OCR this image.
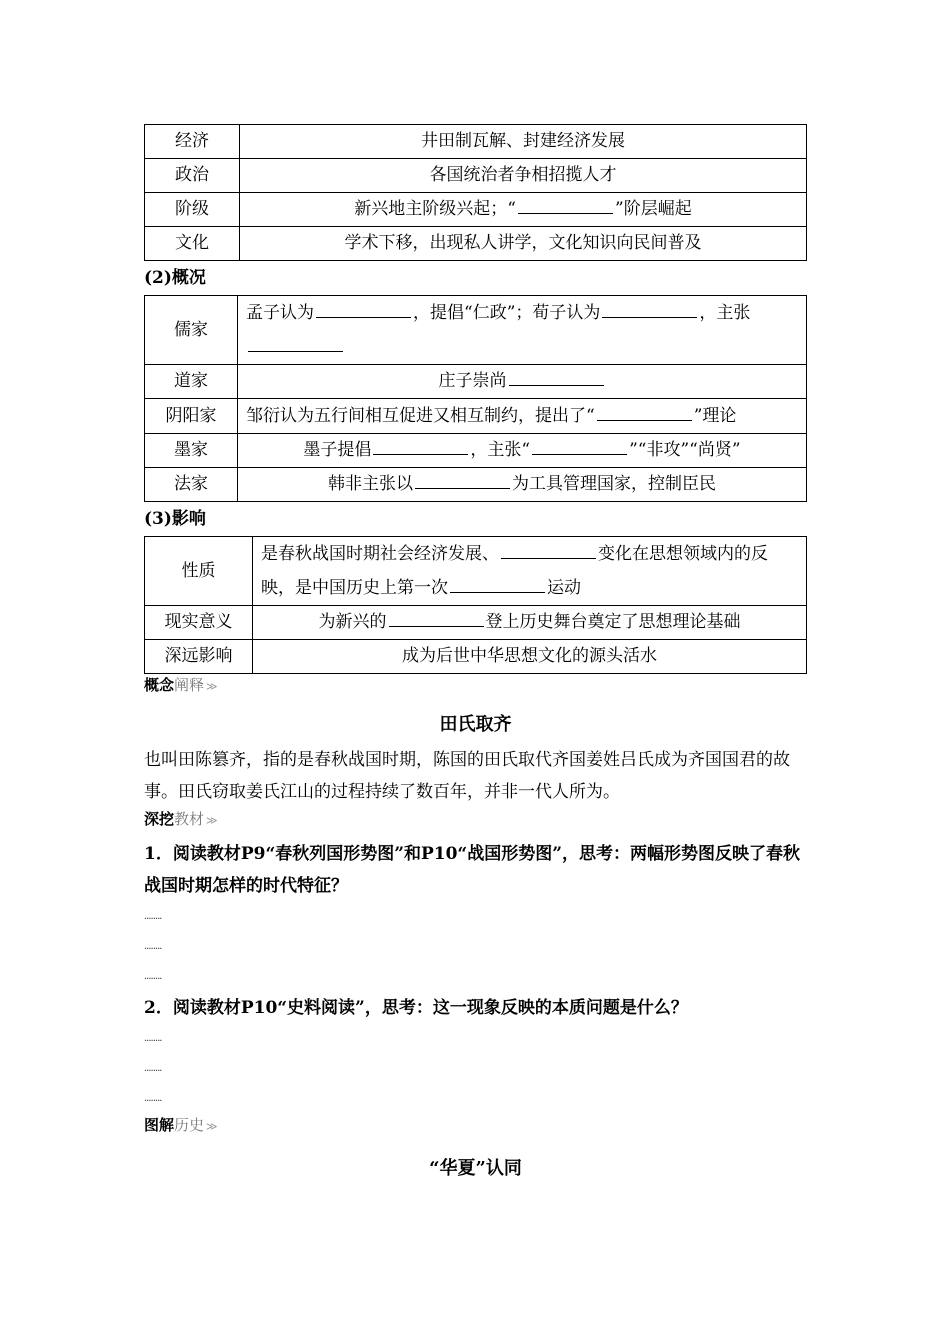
经济	井田制瓦解、封建经济发展
政治	各国统治者争相招揽人才
阶级	新兴地主阶级兴起；“ ”阶层崛起
文化	学术下移，出现私人讲学，文化知识向民间普及

(2)概况

儒家	孟子认为 ，提倡“仁政”；荀子认为 ，主张
道家	庄子崇尚
阴阳家	邹衍认为五行间相互促进又相互制约，提出了“ ”理论
墨家	墨子提倡 ，主张“ ”“非攻”“尚贤”
法家	韩非主张以 为工具管理国家，控制臣民

(3)影响

性质	是春秋战国时期社会经济发展、 变化在思想领域内的反映，是中国历史上第一次 运动
现实意义	为新兴的 登上历史舞台奠定了思想理论基础
深远影响	成为后世中华思想文化的源头活水

概念阐释 ≫

田氏取齐

也叫田陈篡齐，指的是春秋战国时期，陈国的田氏取代齐国姜姓吕氏成为齐国国君的故事。田氏窃取姜氏江山的过程持续了数百年，并非一代人所为。

深挖教材 ≫

1．阅读教材P9“春秋列国形势图”和P10“战国形势图”，思考：两幅形势图反映了春秋战国时期怎样的时代特征？

........
........
........

2．阅读教材P10“史料阅读”，思考：这一现象反映的本质问题是什么？

........
........
........

图解历史 ≫

“华夏”认同
